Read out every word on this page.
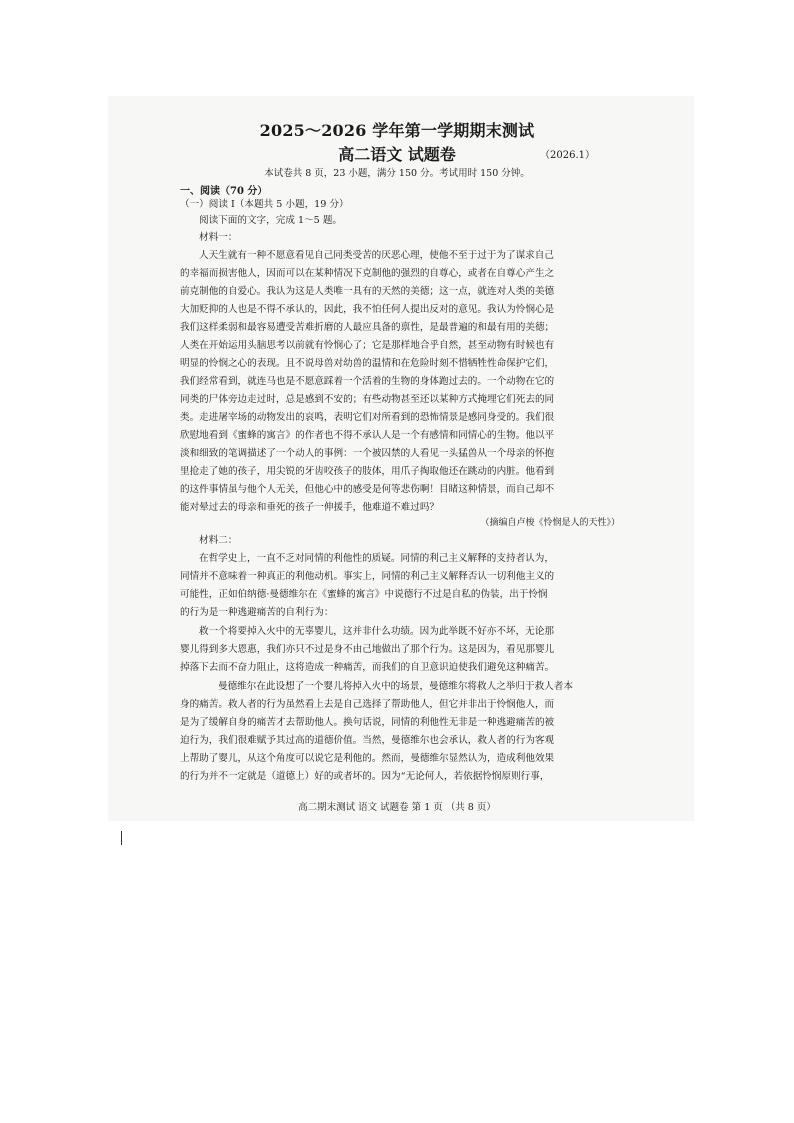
2025～2026 学年第一学期期末测试
高二语文 试题卷	（2026.1）
本试卷共 8 页，23 小题，满分 150 分。考试用时 150 分钟。
一、阅读（70 分）
（一）阅读 I（本题共 5 小题，19 分）
阅读下面的文字，完成 1～5 题。
材料一：
人天生就有一种不愿意看见自己同类受苦的厌恶心理，使他不至于过于为了谋求自己
的幸福而损害他人，因而可以在某种情况下克制他的强烈的自尊心，或者在自尊心产生之
前克制他的自爱心。我认为这是人类唯一具有的天然的美德；这一点，就连对人类的美德
大加贬抑的人也是不得不承认的，因此，我不怕任何人提出反对的意见。我认为怜悯心是
我们这样柔弱和最容易遭受苦难折磨的人最应具备的禀性，是最普遍的和最有用的美德；
人类在开始运用头脑思考以前就有怜悯心了；它是那样地合乎自然，甚至动物有时候也有
明显的怜悯之心的表现。且不说母兽对幼兽的温情和在危险时刻不惜牺牲性命保护它们，
我们经常看到，就连马也是不愿意踩着一个活着的生物的身体跑过去的。一个动物在它的
同类的尸体旁边走过时，总是感到不安的；有些动物甚至还以某种方式掩埋它们死去的同
类。走进屠宰场的动物发出的哀鸣，表明它们对所看到的恐怖情景是感同身受的。我们很
欣慰地看到《蜜蜂的寓言》的作者也不得不承认人是一个有感情和同情心的生物。他以平
淡和细致的笔调描述了一个动人的事例：一个被囚禁的人看见一头猛兽从一个母亲的怀抱
里抢走了她的孩子，用尖锐的牙齿咬孩子的肢体，用爪子掏取他还在跳动的内脏。他看到
的这件事情虽与他个人无关，但他心中的感受是何等悲伤啊！目睹这种情景，而自己却不
能对晕过去的母亲和垂死的孩子一伸援手，他难道不难过吗？
（摘编自卢梭《怜悯是人的天性》）
材料二：
在哲学史上，一直不乏对同情的利他性的质疑。同情的利己主义解释的支持者认为，
同情并不意味着一种真正的利他动机。事实上，同情的利己主义解释否认一切利他主义的
可能性，正如伯纳德·曼德维尔在《蜜蜂的寓言》中说德行不过是自私的伪装，出于怜悯
的行为是一种逃避痛苦的自利行为：
救一个将要掉入火中的无辜婴儿，这并非什么功绩。因为此举既不好亦不坏，无论那
婴儿得到多大恩惠，我们亦只不过是身不由己地做出了那个行为。这是因为，看见那婴儿
掉落下去而不奋力阻止，这将造成一种痛苦，而我们的自卫意识迫使我们避免这种痛苦。
曼德维尔在此设想了一个婴儿将掉入火中的场景，曼德维尔将救人之举归于救人者本
身的痛苦。救人者的行为虽然看上去是自己选择了帮助他人，但它并非出于怜悯他人，而
是为了缓解自身的痛苦才去帮助他人。换句话说，同情的利他性无非是一种逃避痛苦的被
迫行为，我们很难赋予其过高的道德价值。当然，曼德维尔也会承认，救人者的行为客观
上帮助了婴儿，从这个角度可以说它是利他的。然而，曼德维尔显然认为，造成利他效果
的行为并不一定就是（道德上）好的或者坏的。因为“无论何人，若依据怜悯原则行事，
高二期末测试 语文 试题卷 第 1 页 （共 8 页）
